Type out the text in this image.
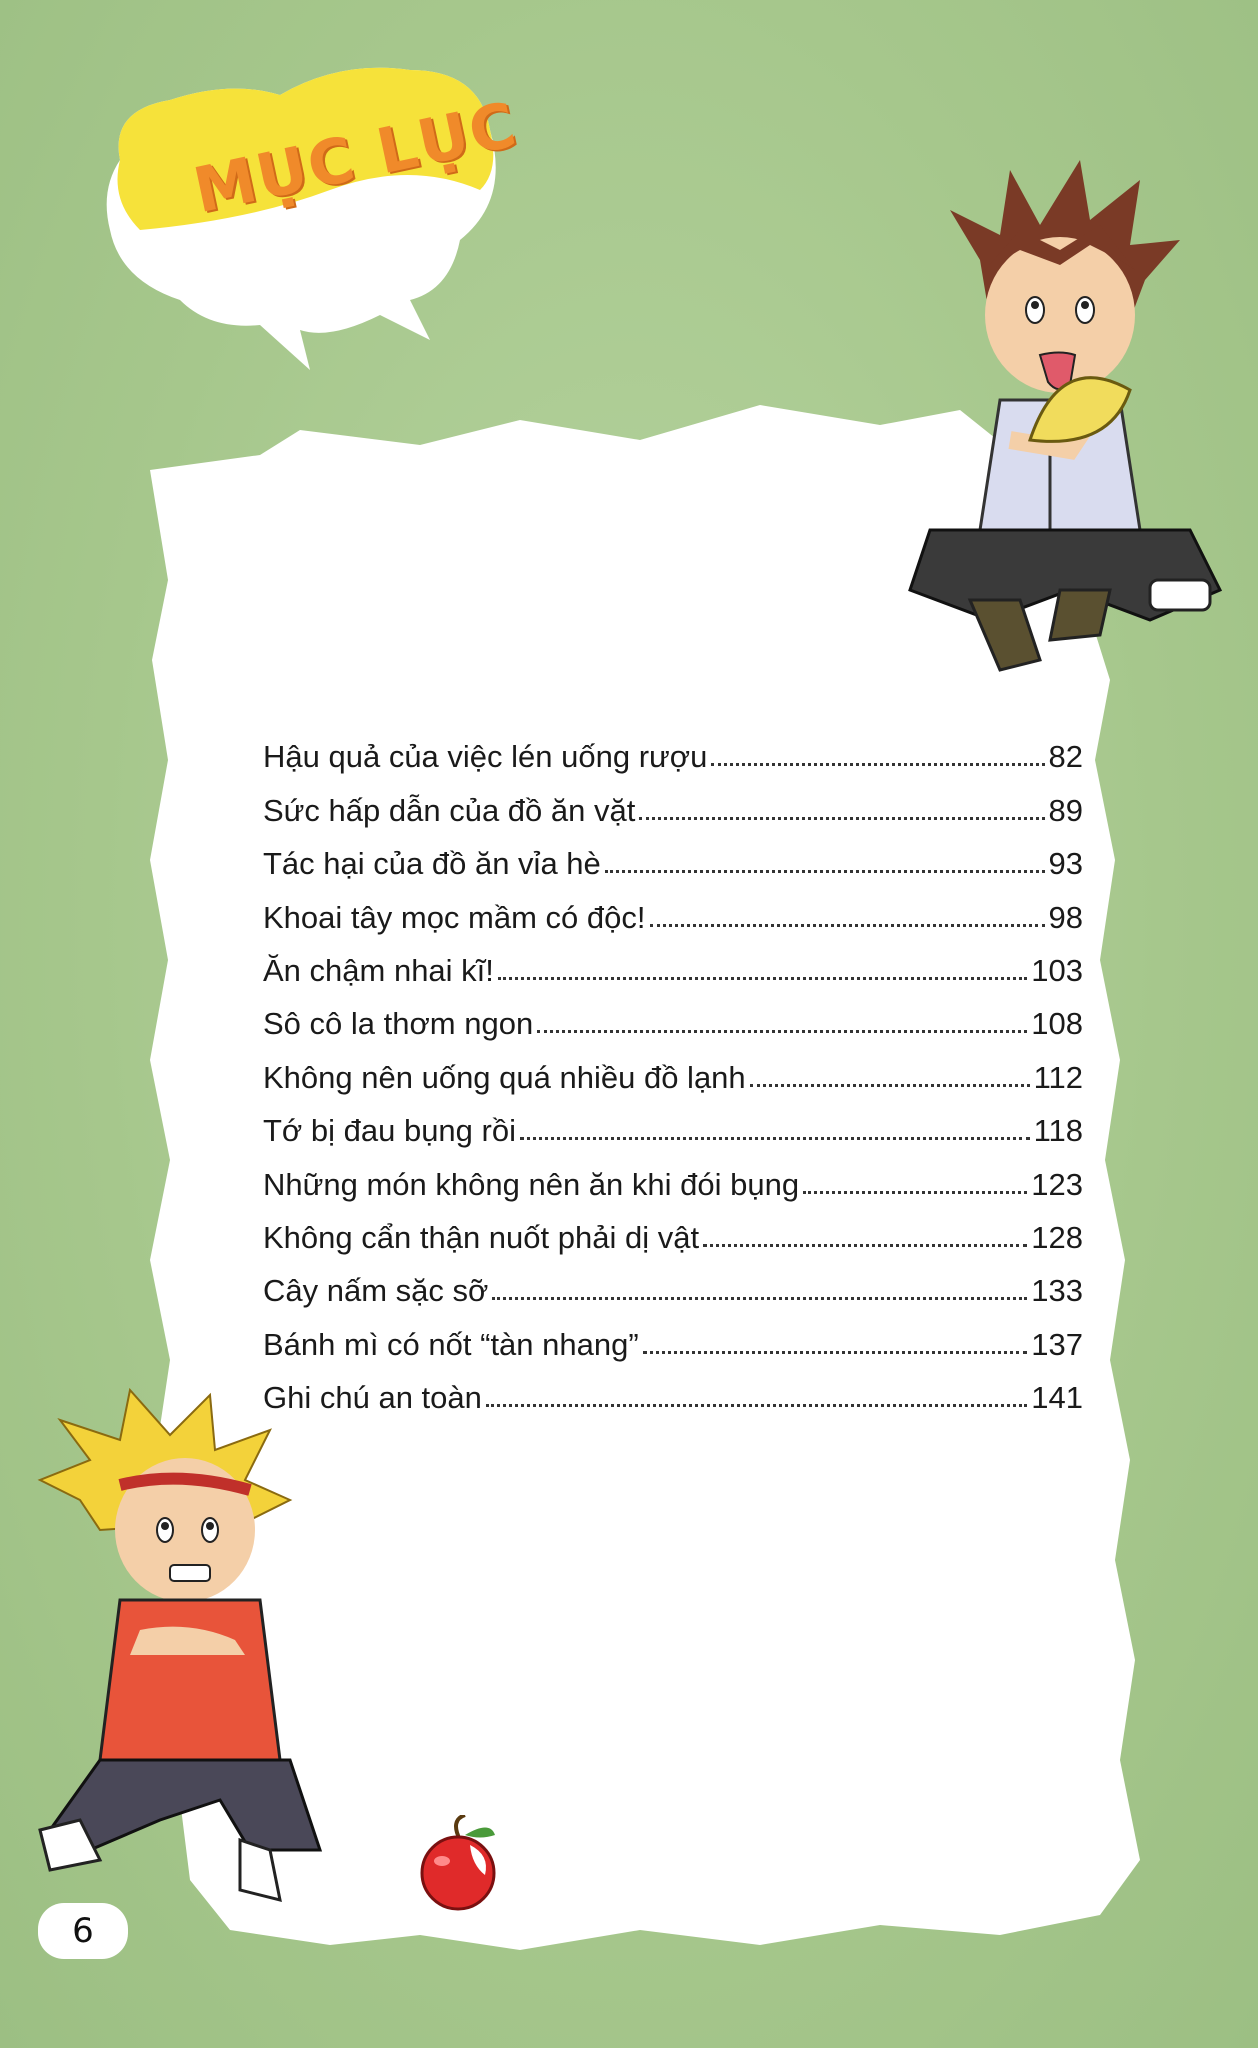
MỤC LỤC
Hậu quả của việc lén uống rượu	82
Sức hấp dẫn của đồ ăn vặt	89
Tác hại của đồ ăn vỉa hè	93
Khoai tây mọc mầm có độc!	98
Ăn chậm nhai kĩ!	103
Sô cô la thơm ngon	108
Không nên uống quá nhiều đồ lạnh	112
Tớ bị đau bụng rồi	118
Những món không nên ăn khi đói bụng	123
Không cẩn thận nuốt phải dị vật	128
Cây nấm sặc sỡ	133
Bánh mì có nốt “tàn nhang”	137
Ghi chú an toàn	141
6
